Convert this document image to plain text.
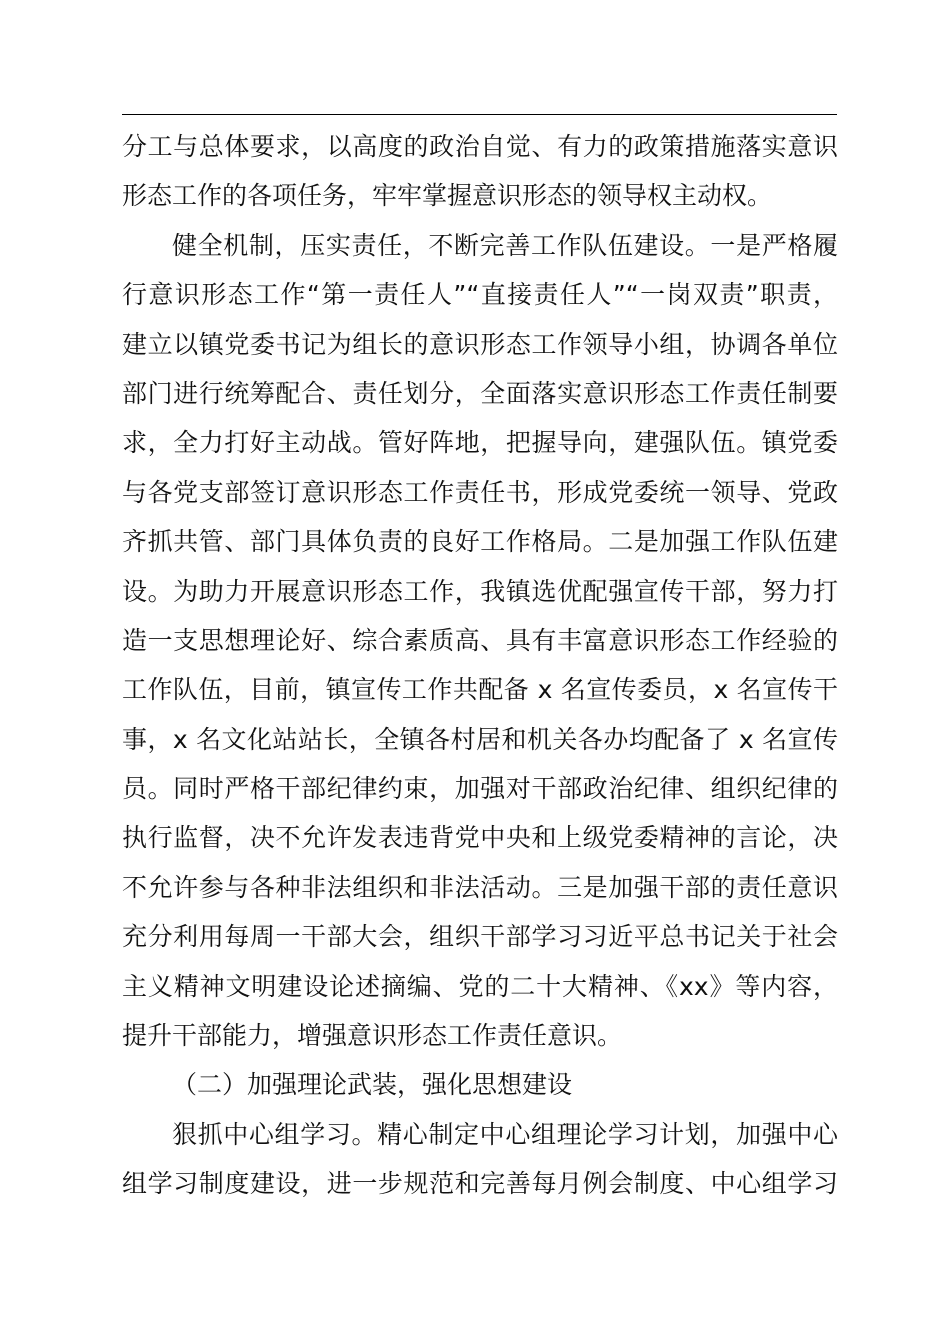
分工与总体要求，以高度的政治自觉、有力的政策措施落实意识
形态工作的各项任务，牢牢掌握意识形态的领导权主动权。
健全机制，压实责任，不断完善工作队伍建设。一是严格履
行意识形态工作“第一责任人”“直接责任人”“一岗双责”职责，
建立以镇党委书记为组长的意识形态工作领导小组，协调各单位
部门进行统筹配合、责任划分，全面落实意识形态工作责任制要
求，全力打好主动战。管好阵地，把握导向，建强队伍。镇党委
与各党支部签订意识形态工作责任书，形成党委统一领导、党政
齐抓共管、部门具体负责的良好工作格局。二是加强工作队伍建
设。为助力开展意识形态工作，我镇选优配强宣传干部，努力打
造一支思想理论好、综合素质高、具有丰富意识形态工作经验的
工作队伍，目前，镇宣传工作共配备 x 名宣传委员，x 名宣传干
事，x 名文化站站长，全镇各村居和机关各办均配备了 x 名宣传
员。同时严格干部纪律约束，加强对干部政治纪律、组织纪律的
执行监督，决不允许发表违背党中央和上级党委精神的言论，决
不允许参与各种非法组织和非法活动。三是加强干部的责任意识
充分利用每周一干部大会，组织干部学习习近平总书记关于社会
主义精神文明建设论述摘编、党的二十大精神、《xx》等内容，
提升干部能力，增强意识形态工作责任意识。
（二）加强理论武装，强化思想建设
狠抓中心组学习。精心制定中心组理论学习计划，加强中心
组学习制度建设，进一步规范和完善每月例会制度、中心组学习
